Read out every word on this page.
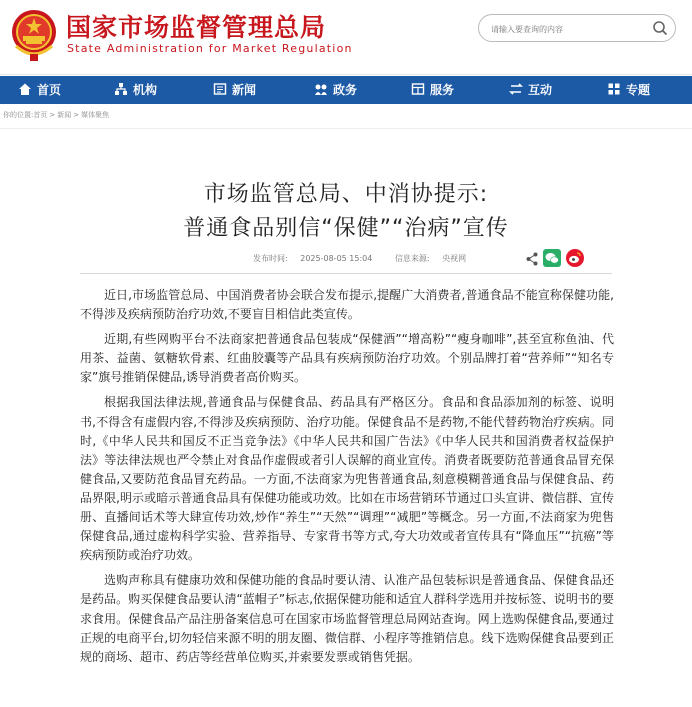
国家市场监督管理总局
State Administration for Market Regulation
请输入要查询的内容
首页	机构	新闻	政务	服务	互动	专题
你的位置:首页 > 新闻 > 媒体聚焦
市场监管总局、中消协提示:
普通食品别信“保健”“治病”宣传
发布时间: 2025-08-05 15:04	信息来源: 央视网

近日,市场监管总局、中国消费者协会联合发布提示,提醒广大消费者,普通食品不能宣称保健功能,不得涉及疾病预防治疗功效,不要盲目相信此类宣传。

近期,有些网购平台不法商家把普通食品包装成“保健酒”“增高粉”“瘦身咖啡”,甚至宣称鱼油、代用茶、益菌、氨糖软骨素、红曲胶囊等产品具有疾病预防治疗功效。个别品牌打着“营养师”“知名专家”旗号推销保健品,诱导消费者高价购买。

根据我国法律法规,普通食品与保健食品、药品具有严格区分。食品和食品添加剂的标签、说明书,不得含有虚假内容,不得涉及疾病预防、治疗功能。保健食品不是药物,不能代替药物治疗疾病。同时,《中华人民共和国反不正当竞争法》《中华人民共和国广告法》《中华人民共和国消费者权益保护法》等法律法规也严令禁止对食品作虚假或者引人误解的商业宣传。消费者既要防范普通食品冒充保健食品,又要防范食品冒充药品。一方面,不法商家为兜售普通食品,刻意模糊普通食品与保健食品、药品界限,明示或暗示普通食品具有保健功能或功效。比如在市场营销环节通过口头宣讲、微信群、宣传册、直播间话术等大肆宣传功效,炒作“养生”“天然”“调理”“减肥”等概念。另一方面,不法商家为兜售保健食品,通过虚构科学实验、营养指导、专家背书等方式,夸大功效或者宣传具有“降血压”“抗癌”等疾病预防或治疗功效。

选购声称具有健康功效和保健功能的食品时要认清、认准产品包装标识是普通食品、保健食品还是药品。购买保健食品要认清“蓝帽子”标志,依据保健功能和适宜人群科学选用并按标签、说明书的要求食用。保健食品产品注册备案信息可在国家市场监督管理总局网站查询。网上选购保健食品,要通过正规的电商平台,切勿轻信来源不明的朋友圈、微信群、小程序等推销信息。线下选购保健食品要到正规的商场、超市、药店等经营单位购买,并索要发票或销售凭据。
